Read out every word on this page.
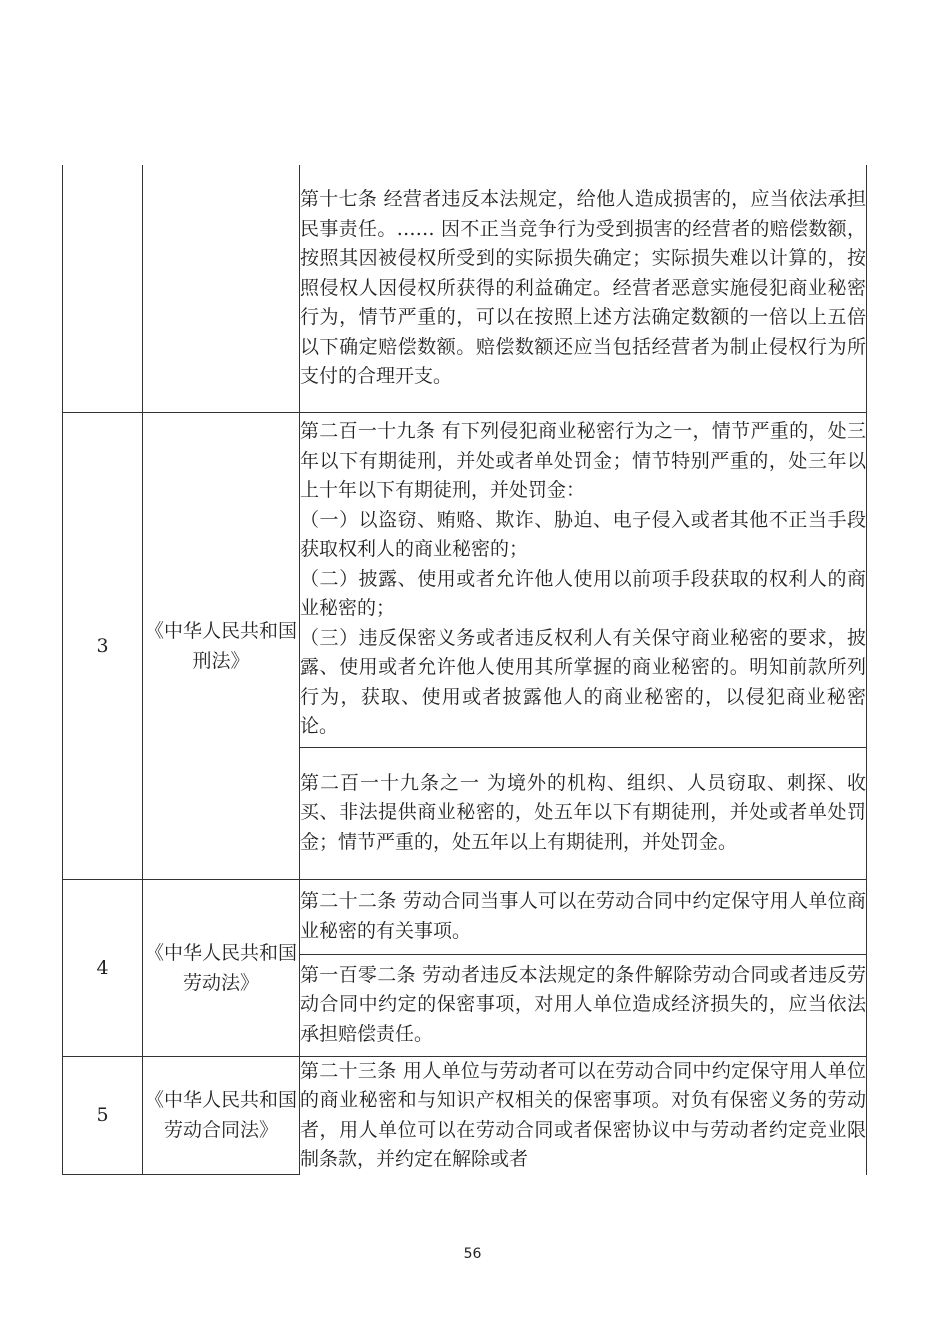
		第十七条 经营者违反本法规定，给他人造成损害的，应当依法承担民事责任。…… 因不正当竞争行为受到损害的经营者的赔偿数额，按照其因被侵权所受到的实际损失确定；实际损失难以计算的，按照侵权人因侵权所获得的利益确定。经营者恶意实施侵犯商业秘密行为，情节严重的，可以在按照上述方法确定数额的一倍以上五倍以下确定赔偿数额。赔偿数额还应当包括经营者为制止侵权行为所支付的合理开支。

3	《中华人民共和国刑法》	第二百一十九条 有下列侵犯商业秘密行为之一，情节严重的，处三年以下有期徒刑，并处或者单处罚金；情节特别严重的，处三年以上十年以下有期徒刑，并处罚金：

（一）以盗窃、贿赂、欺诈、胁迫、电子侵入或者其他不正当手段获取权利人的商业秘密的；

（二）披露、使用或者允许他人使用以前项手段获取的权利人的商业秘密的；

（三）违反保密义务或者违反权利人有关保守商业秘密的要求，披露、使用或者允许他人使用其所掌握的商业秘密的。明知前款所列行为，获取、使用或者披露他人的商业秘密的，以侵犯商业秘密论。

		第二百一十九条之一 为境外的机构、组织、人员窃取、刺探、收买、非法提供商业秘密的，处五年以下有期徒刑，并处或者单处罚金；情节严重的，处五年以上有期徒刑，并处罚金。

4	《中华人民共和国劳动法》	第二十二条 劳动合同当事人可以在劳动合同中约定保守用人单位商业秘密的有关事项。

		第一百零二条 劳动者违反本法规定的条件解除劳动合同或者违反劳动合同中约定的保密事项，对用人单位造成经济损失的，应当依法承担赔偿责任。

5	《中华人民共和国劳动合同法》	第二十三条 用人单位与劳动者可以在劳动合同中约定保守用人单位的商业秘密和与知识产权相关的保密事项。对负有保密义务的劳动者，用人单位可以在劳动合同或者保密协议中与劳动者约定竞业限制条款，并约定在解除或者

56
